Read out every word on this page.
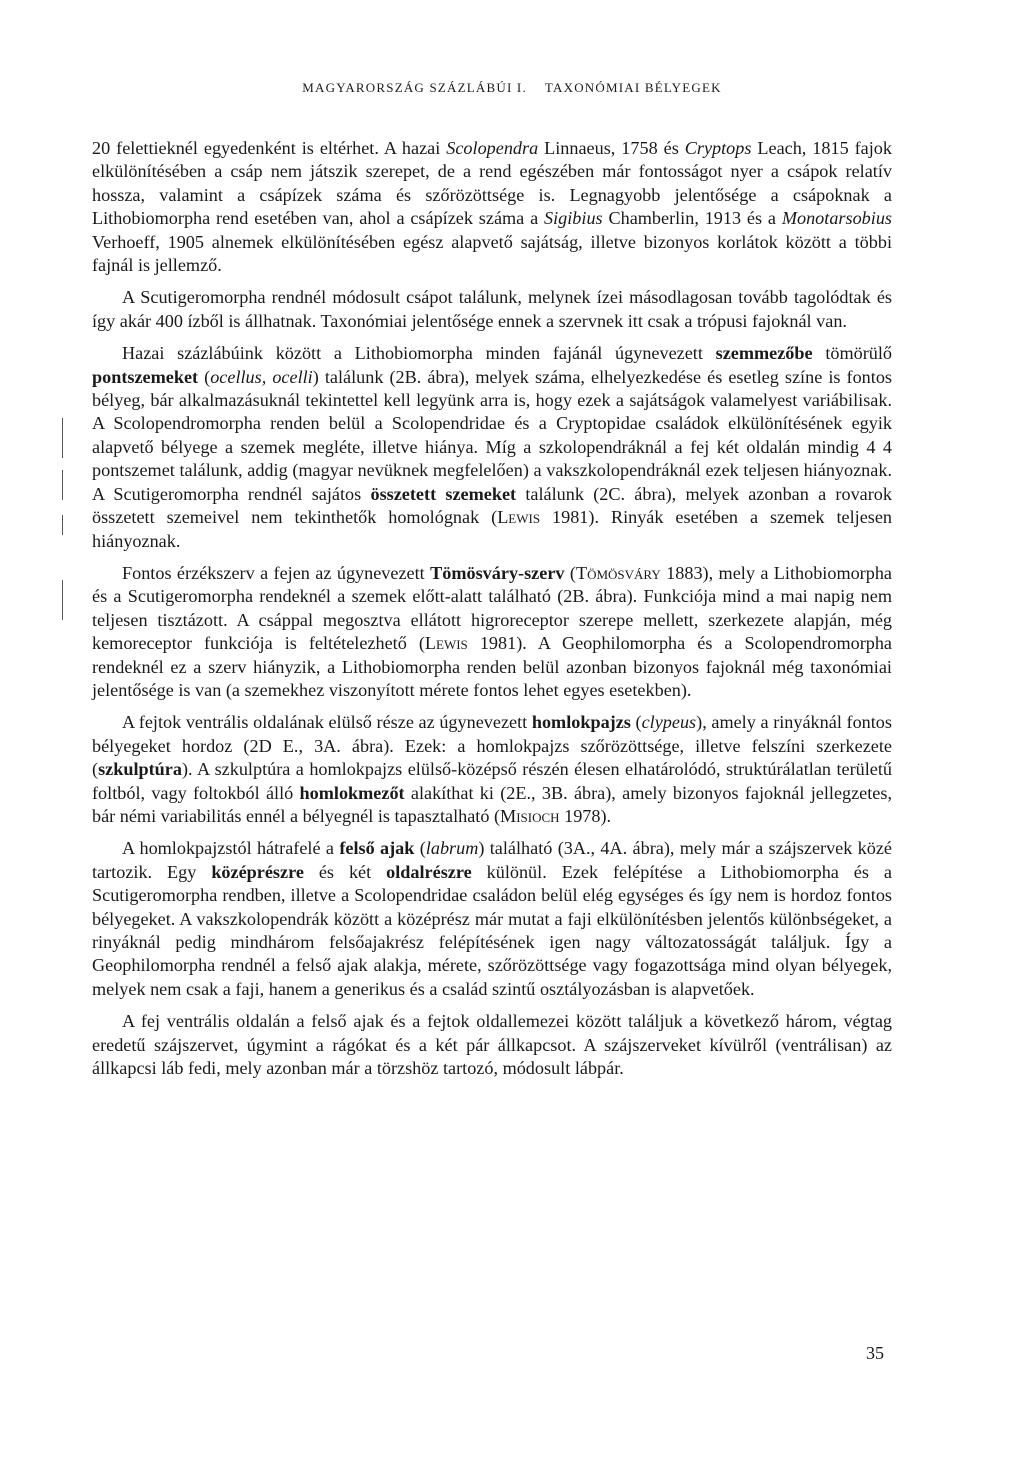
MAGYARORSZÁG SZÁZLÁBÚI I. TAXONÓMIAI BÉLYEGEK

20 felettieknél egyedenként is eltérhet. A hazai Scolopendra Linnaeus, 1758 és Cryptops Leach, 1815 fajok elkülönítésében a csáp nem játszik szerepet, de a rend egészében már fontosságot nyer a csápok relatív hossza, valamint a csápízek száma és szőrözöttsége is. Legnagyobb jelentősége a csápoknak a Lithobiomorpha rend esetében van, ahol a csápízek száma a Sigibius Chamberlin, 1913 és a Monotarsobius Verhoeff, 1905 alnemek elkülönítésében egész alapvető sajátság, illetve bizonyos korlátok között a többi fajnál is jellemző.

A Scutigeromorpha rendnél módosult csápot találunk, melynek ízei másodlagosan tovább tagolódtak és így akár 400 ízből is állhatnak. Taxonómiai jelentősége ennek a szervnek itt csak a trópusi fajoknál van.

Hazai százlábúink között a Lithobiomorpha minden fajánál úgynevezett szemmezőbe tömörülő pontszemeket (ocellus, ocelli) találunk (2B. ábra), melyek száma, elhelyezkedése és esetleg színe is fontos bélyeg, bár alkalmazásuknál tekintettel kell legyünk arra is, hogy ezek a sajátságok valamelyest variábilisak. A Scolopendromorpha renden belül a Scolopendridae és a Cryptopidae családok elkülönítésének egyik alapvető bélyege a szemek megléte, illetve hiánya. Míg a szkolopendráknál a fej két oldalán mindig 4 4 pontszemet találunk, addig (magyar nevüknek megfelelően) a vakszkolopendráknál ezek teljesen hiányoznak. A Scutigeromorpha rendnél sajátos összetett szemeket találunk (2C. ábra), melyek azonban a rovarok összetett szemeivel nem tekinthetők homológnak (Lewis 1981). Rinyák esetében a szemek teljesen hiányoznak.

Fontos érzékszerv a fejen az úgynevezett Tömösváry-szerv (Tömösváry 1883), mely a Lithobiomorpha és a Scutigeromorpha rendeknél a szemek előtt-alatt található (2B. ábra). Funkciója mind a mai napig nem teljesen tisztázott. A csáppal megosztva ellátott higroreceptor szerepe mellett, szerkezete alapján, még kemoreceptor funkciója is feltételezhető (Lewis 1981). A Geophilomorpha és a Scolopendromorpha rendeknél ez a szerv hiányzik, a Lithobiomorpha renden belül azonban bizonyos fajoknál még taxonómiai jelentősége is van (a szemekhez viszonyított mérete fontos lehet egyes esetekben).

A fejtok ventrális oldalának elülső része az úgynevezett homlokpajzs (clypeus), amely a rinyáknál fontos bélyegeket hordoz (2D E., 3A. ábra). Ezek: a homlokpajzs szőrözöttsége, illetve felszíni szerkezete (szkulptúra). A szkulptúra a homlokpajzs elülső-középső részén élesen elhatárolódó, struktúrálatlan területű foltból, vagy foltokból álló homlokmezőt alakíthat ki (2E., 3B. ábra), amely bizonyos fajoknál jellegzetes, bár némi variabilitás ennél a bélyegnél is tapasztalható (Misioch 1978).

A homlokpajzstól hátrafelé a felső ajak (labrum) található (3A., 4A. ábra), mely már a szájszervek közé tartozik. Egy középrészre és két oldalrészre különül. Ezek felépítése a Lithobiomorpha és a Scutigeromorpha rendben, illetve a Scolopendridae családon belül elég egységes és így nem is hordoz fontos bélyegeket. A vakszkolopendrák között a középrész már mutat a faji elkülönítésben jelentős különbségeket, a rinyáknál pedig mindhárom felsőajakrész felépítésének igen nagy változatosságát találjuk. Így a Geophilomorpha rendnél a felső ajak alakja, mérete, szőrözöttsége vagy fogazottsága mind olyan bélyegek, melyek nem csak a faji, hanem a generikus és a család szintű osztályozásban is alapvetőek.

A fej ventrális oldalán a felső ajak és a fejtok oldallemezei között találjuk a következő három, végtag eredetű szájszervet, úgymint a rágókat és a két pár állkapcsot. A szájszerveket kívülről (ventrálisan) az állkapcsi láb fedi, mely azonban már a törzshöz tartozó, módosult lábpár.

35
